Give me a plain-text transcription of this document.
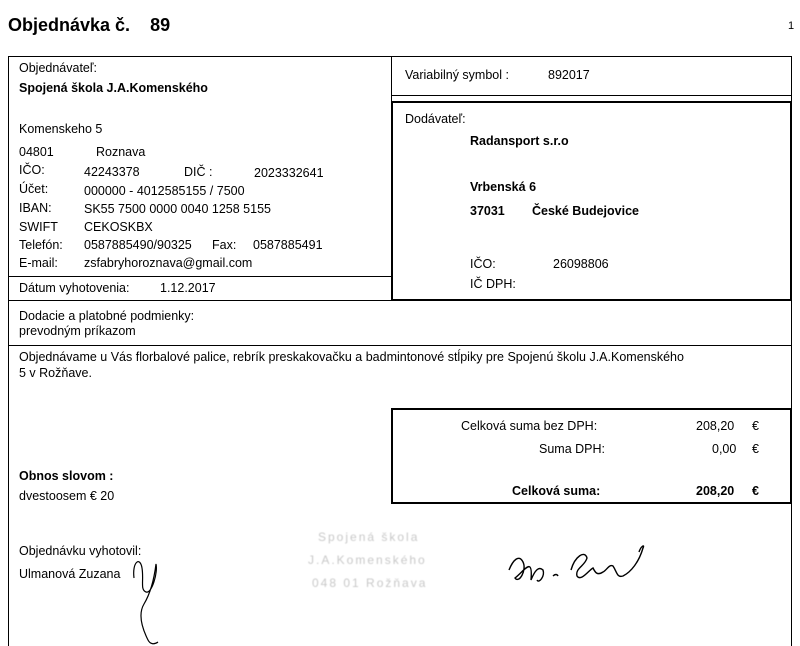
Objednávka č. 89	1
Objednávateľ:
Spojená škola J.A.Komenského
Komenskeho 5
04801	Roznava
IČO:	42243378	DIČ :	2023332641
Účet:	000000 - 4012585155 / 7500
IBAN:	SK55 7500 0000 0040 1258 5155
SWIFT CEKOSKBX
Telefón: 0587885490/90325 Fax: 0587885491
E-mail: zsfabryhoroznava@gmail.com
Dátum vyhotovenia: 1.12.2017
Variabilný symbol :	892017
Dodávateľ:
Radansport s.r.o
Vrbenská 6
37031 České Budejovice
IČO:	26098806
IČ DPH:
Dodacie a platobné podmienky:
prevodným príkazom
Objednávame u Vás florbalové palice, rebrík preskakovačku a badmintonové stĺpiky pre Spojenú školu J.A.Komenského
5 v Rožňave.
Celková suma bez DPH:	208,20 €
Suma DPH:	0,00 €
Celková suma:	208,20 €
Obnos slovom :
dvestoosem € 20
Objednávku vyhotovil:
Ulmanová Zuzana
Spojená škola
J.A.Komenského
048 01 Rožňava
